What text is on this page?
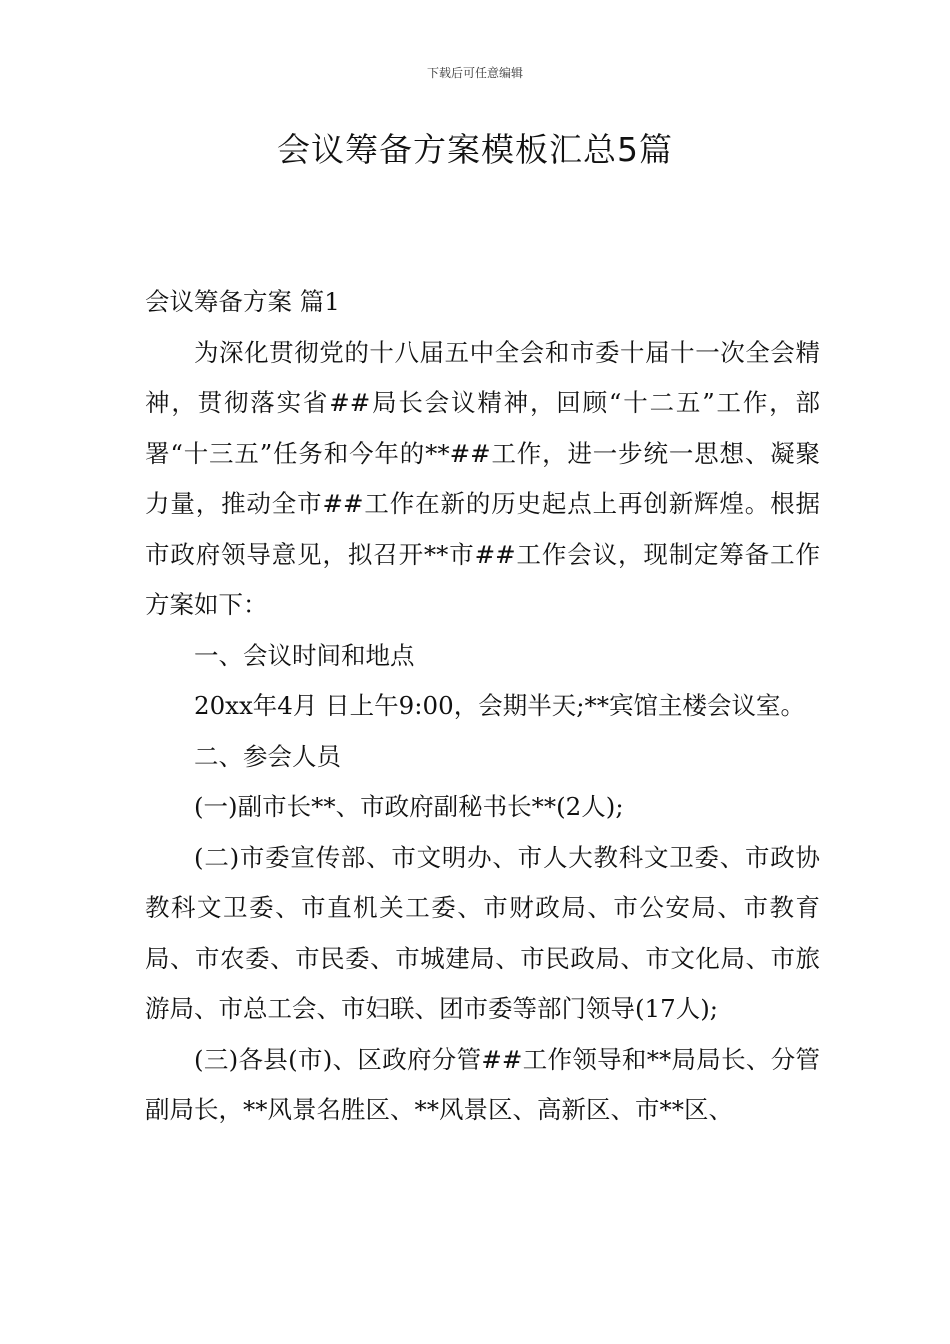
下载后可任意编辑
会议筹备方案模板汇总5篇

会议筹备方案 篇1

为深化贯彻党的十八届五中全会和市委十届十一次全会精神，贯彻落实省##局长会议精神，回顾“十二五”工作，部署“十三五”任务和今年的**##工作，进一步统一思想、凝聚力量，推动全市##工作在新的历史起点上再创新辉煌。根据市政府领导意见，拟召开**市##工作会议，现制定筹备工作方案如下：

一、会议时间和地点

20xx年4月 日上午9:00，会期半天;**宾馆主楼会议室。

二、参会人员

(一)副市长**、市政府副秘书长**(2人);

(二)市委宣传部、市文明办、市人大教科文卫委、市政协教科文卫委、市直机关工委、市财政局、市公安局、市教育局、市农委、市民委、市城建局、市民政局、市文化局、市旅游局、市总工会、市妇联、团市委等部门领导(17人);

(三)各县(市)、区政府分管##工作领导和**局局长、分管副局长，**风景名胜区、**风景区、高新区、市**区、
